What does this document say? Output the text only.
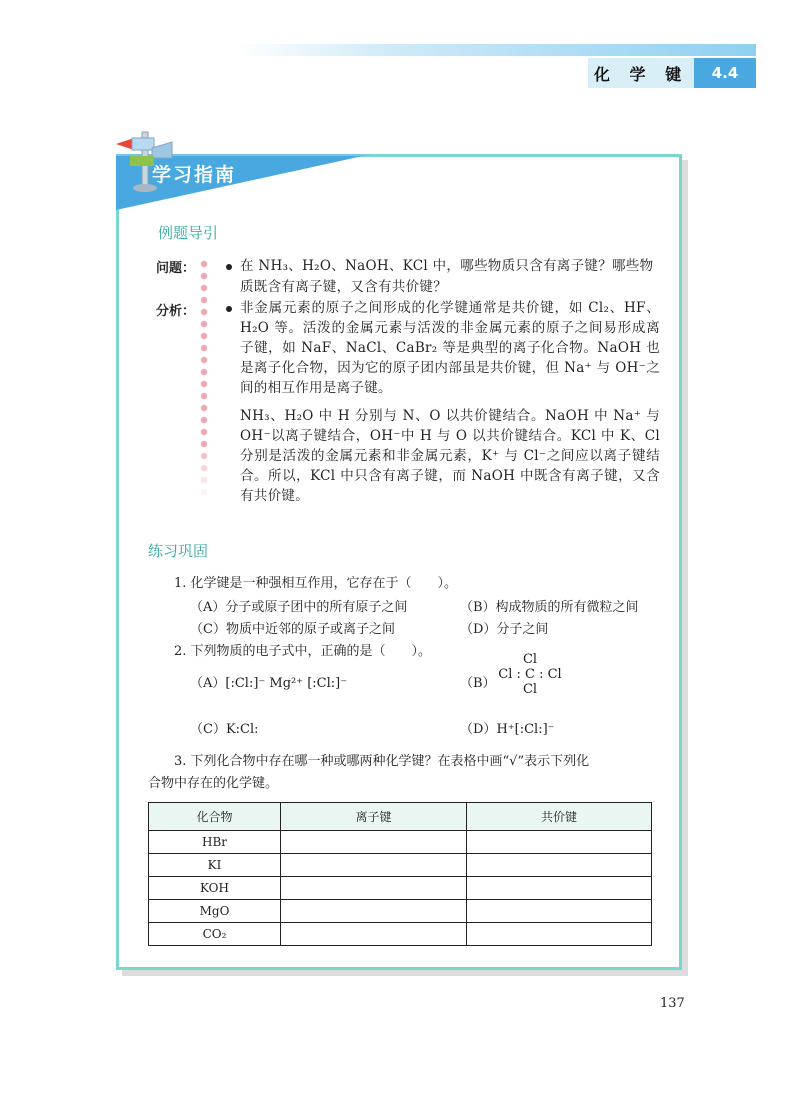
化 学 键	4.4
学习指南
例题导引
问题：	在 NH₃、H₂O、NaOH、KCl 中，哪些物质只含有离子键？哪些物
质既含有离子键，又含有共价键？
分析：	非金属元素的原子之间形成的化学键通常是共价键，如 Cl₂、HF、H₂O 等。活泼的金属元素与活泼的非金属元素的原子之间易形成离子键，如 NaF、NaCl、CaBr₂ 等是典型的离子化合物。NaOH 也是离子化合物，因为它的原子团内部虽是共价键，但 Na⁺ 与 OH⁻之间的相互作用是离子键。
NH₃、H₂O 中 H 分别与 N、O 以共价键结合。NaOH 中 Na⁺ 与 OH⁻以离子键结合，OH⁻中 H 与 O 以共价键结合。KCl 中 K、Cl 分别是活泼的金属元素和非金属元素，K⁺ 与 Cl⁻之间应以离子键结合。所以，KCl 中只含有离子键，而 NaOH 中既含有离子键，又含有共价键。
练习巩固
1. 化学键是一种强相互作用，它存在于（　　）。
（A）分子或原子团中的所有原子之间	（B）构成物质的所有微粒之间
（C）物质中近邻的原子或离子之间	（D）分子之间
2. 下列物质的电子式中，正确的是（　　）。
（A）[:Cl:]⁻ Mg²⁺ [:Cl:]⁻	（B）
Cl
Cl : C : Cl
Cl
（C）K:Cl:	（D）H⁺[:Cl:]⁻
3. 下列化合物中存在哪一种或哪两种化学键？在表格中画“√”表示下列化
合物中存在的化学键。
化合物	离子键	共价键
HBr		
KI		
KOH		
MgO		
CO₂		
137
